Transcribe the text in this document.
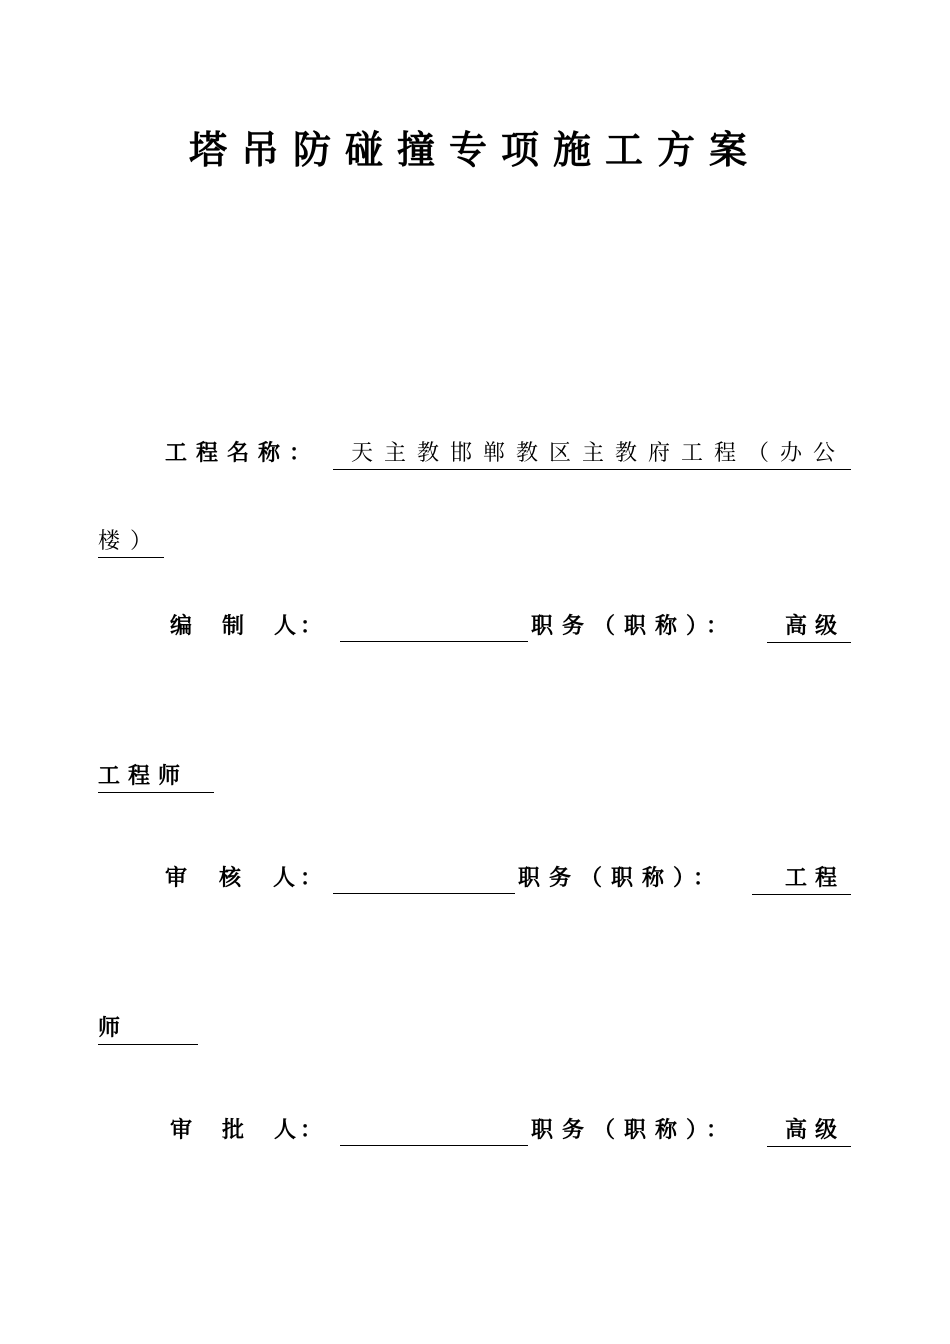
塔吊防碰撞专项施工方案
工程名称：	天主教邯郸教区主教府工程（办公
楼）
编　制　人：	职务（职称）：	高级
工程师
审　核　人：	职务（职称）：	工程
师
审　批　人：	职务（职称）：	高级
